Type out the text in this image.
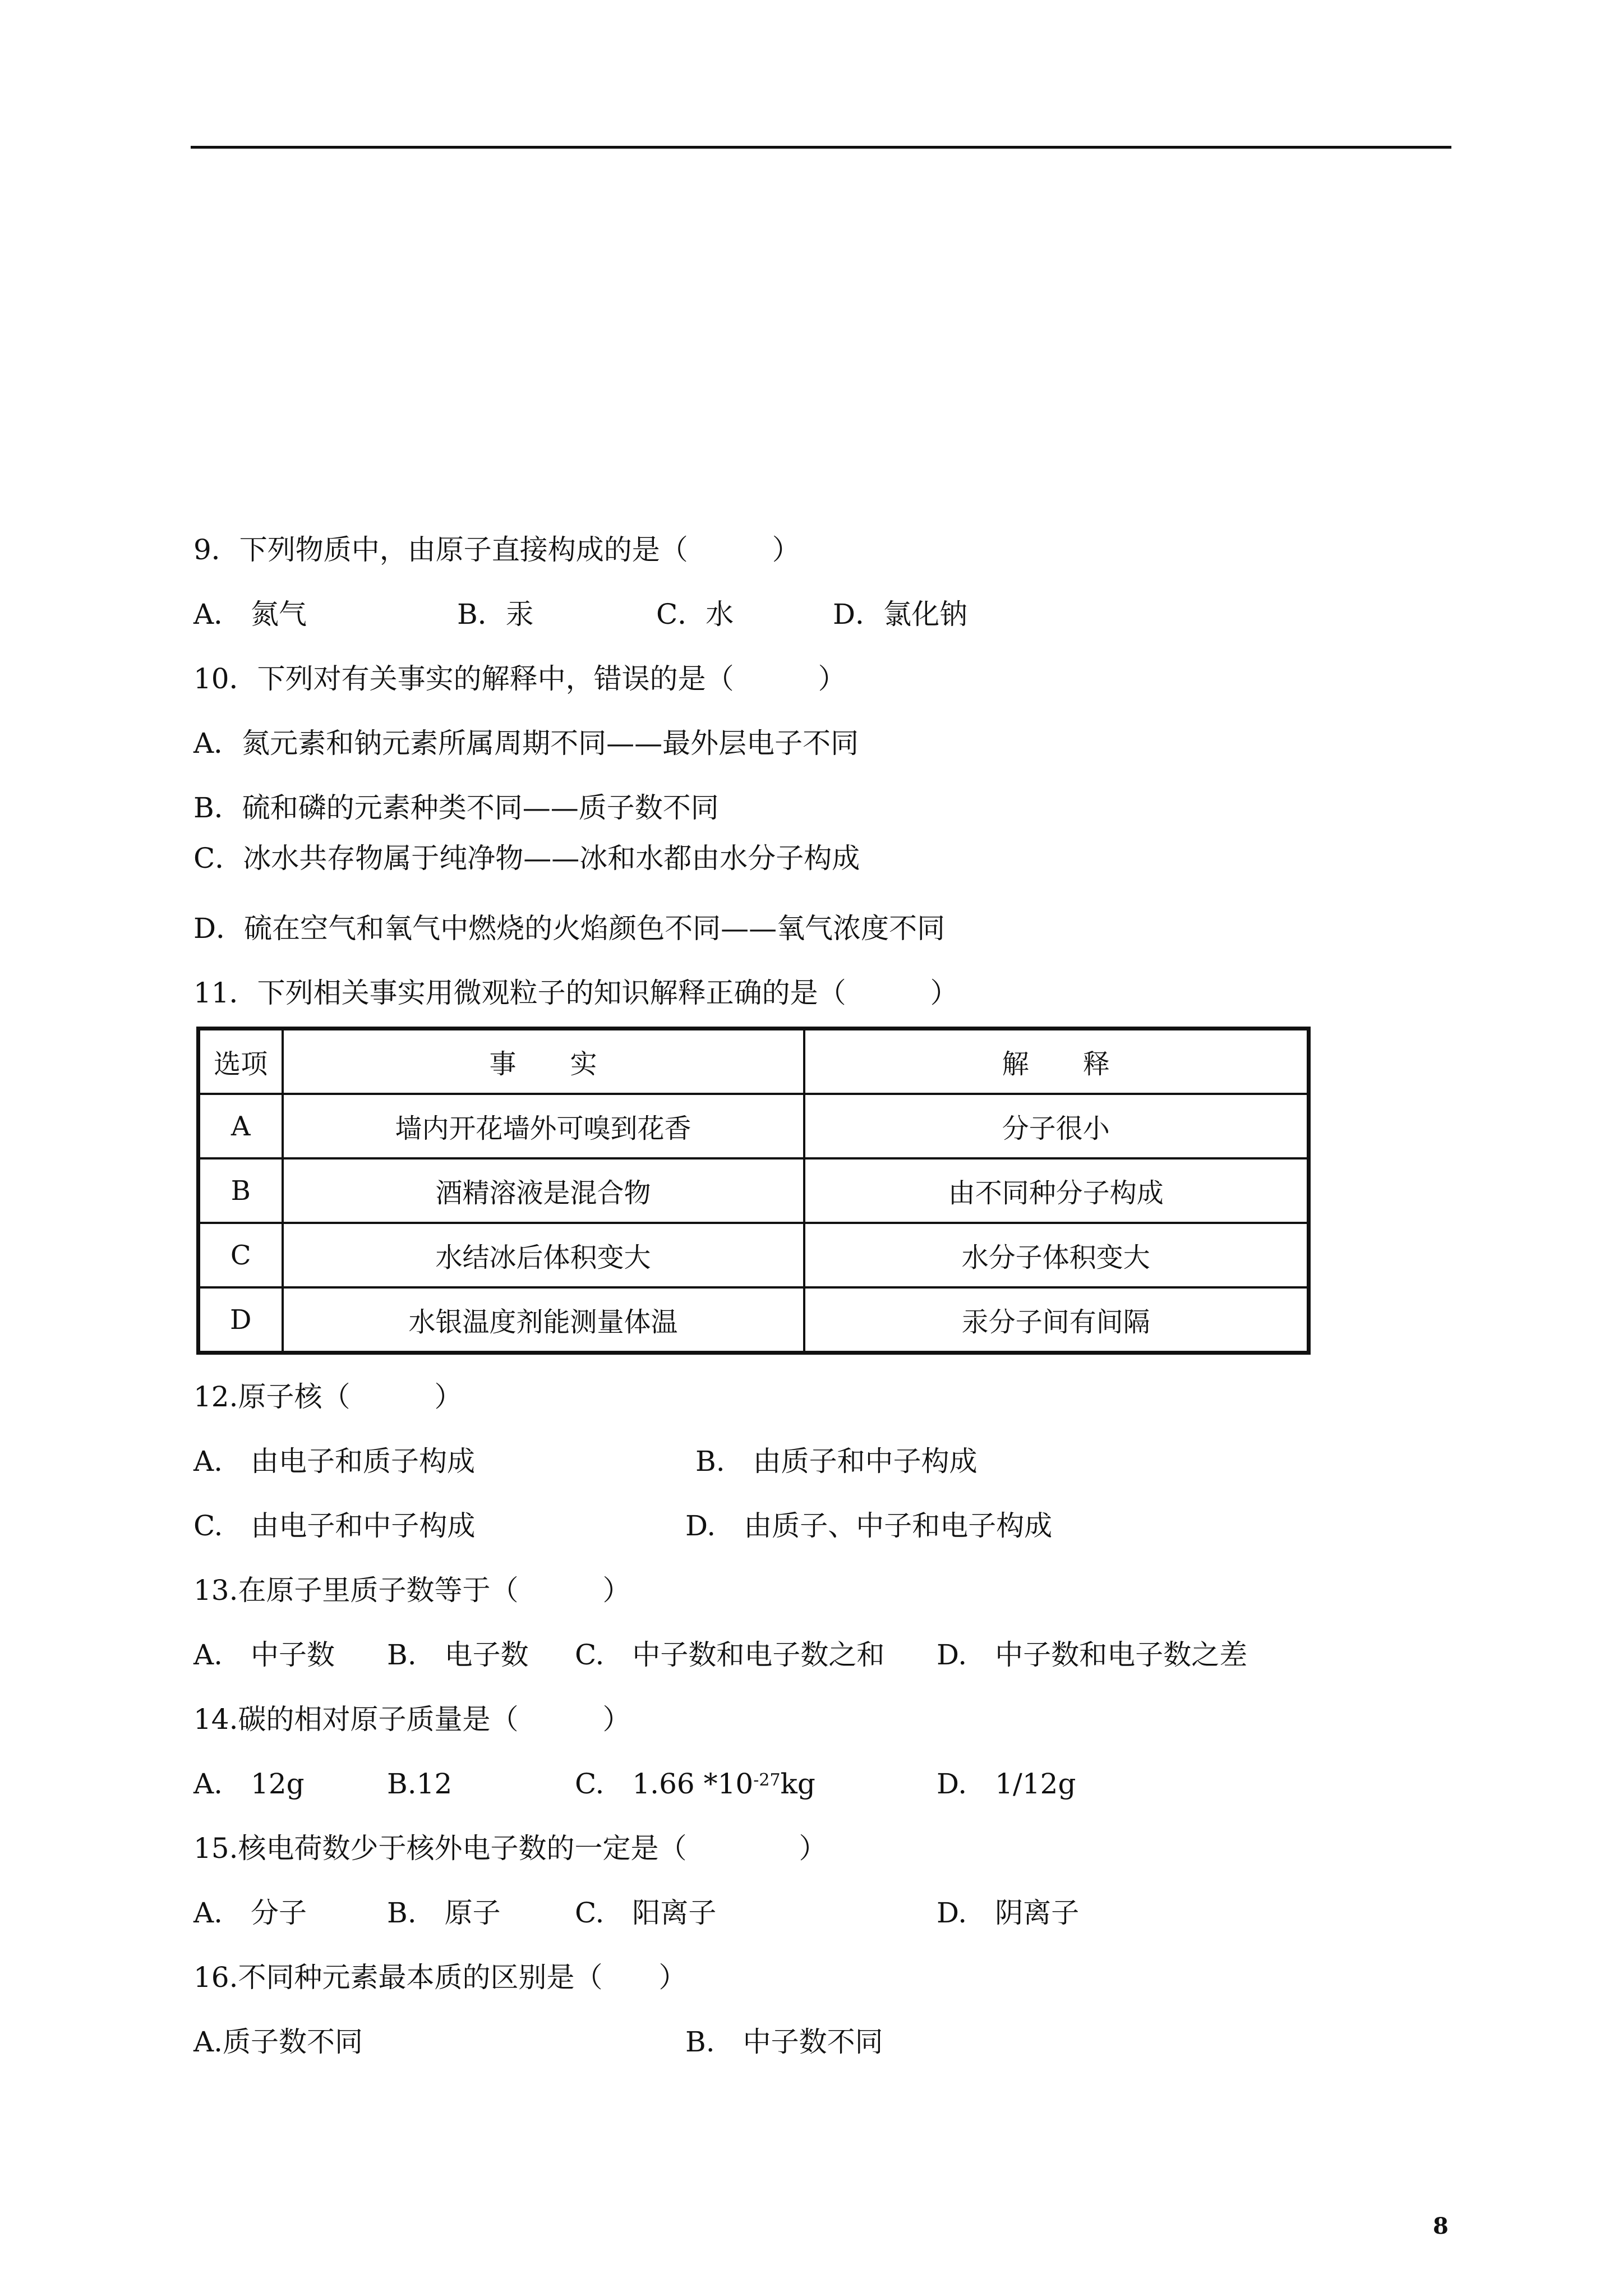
9．下列物质中，由原子直接构成的是（　　　）
A． 氮气	B．汞	C．水	D．氯化钠
10．下列对有关事实的解释中，错误的是（　　　）
A．氮元素和钠元素所属周期不同——最外层电子不同
B．硫和磷的元素种类不同——质子数不同
C．冰水共存物属于纯净物——冰和水都由水分子构成
D．硫在空气和氧气中燃烧的火焰颜色不同——氧气浓度不同
11．下列相关事实用微观粒子的知识解释正确的是（　　　）
选项	事　　实	解　　释
A	墙内开花墙外可嗅到花香	分子很小
B	酒精溶液是混合物	由不同种分子构成
C	水结冰后体积变大	水分子体积变大
D	水银温度剂能测量体温	汞分子间有间隔
12.原子核（　　　）
A.　由电子和质子构成	B.　由质子和中子构成
C.　由电子和中子构成	D.　由质子、中子和电子构成
13.在原子里质子数等于（　　　）
A.　中子数 B.　电子数 C.　中子数和电子数之和 D.　中子数和电子数之差
14.碳的相对原子质量是（　　　）
A.　12g	B.12	C.　1.66 $*10^{-27}kg$	D.　1/12g
15.核电荷数少于核外电子数的一定是（　　　　）
A.　分子	B.　原子	C.　阳离子	D.　阴离子
16.不同种元素最本质的区别是（　　）
A.质子数不同	B.　中子数不同
8
